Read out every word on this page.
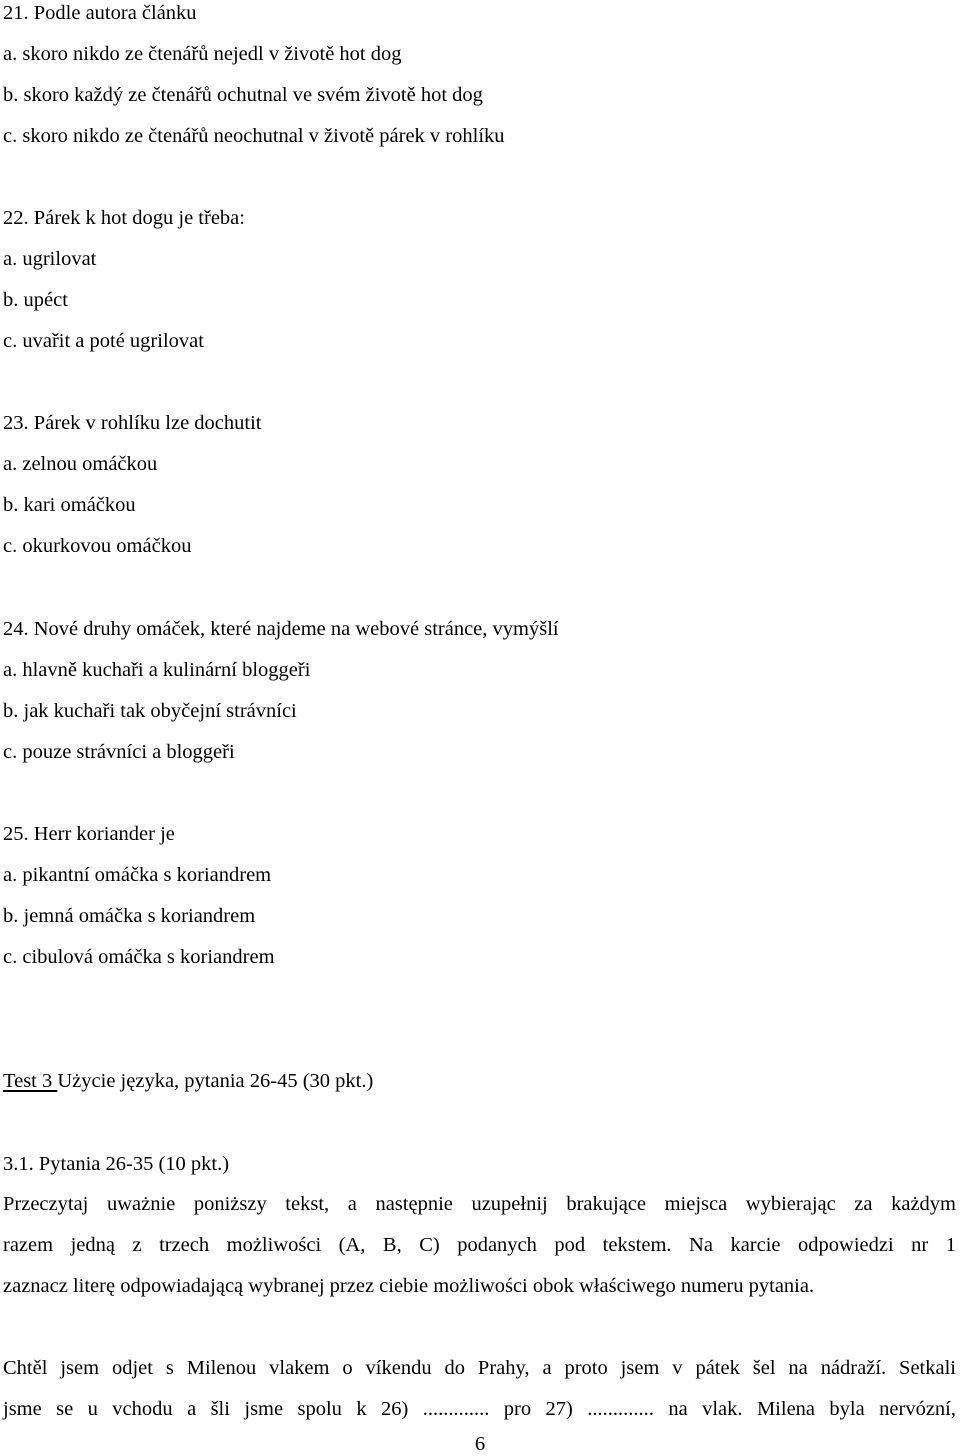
21. Podle autora článku

a. skoro nikdo ze čtenářů nejedl v životě hot dog

b. skoro každý ze čtenářů ochutnal ve svém životě hot dog

c. skoro nikdo ze čtenářů neochutnal v životě párek v rohlíku

22. Párek k hot dogu je třeba:

a. ugrilovat

b. upéct

c. uvařit a poté ugrilovat

23. Párek v rohlíku lze dochutit

a. zelnou omáčkou

b. kari omáčkou

c. okurkovou omáčkou

24. Nové druhy omáček, které najdeme na webové stránce, vymýšlí

a. hlavně kuchaři a kulinární bloggeři

b. jak kuchaři tak obyčejní strávníci

c. pouze strávníci a bloggeři

25. Herr koriander je

a. pikantní omáčka s koriandrem

b. jemná omáčka s koriandrem

c. cibulová omáčka s koriandrem

Test 3 Użycie języka, pytania 26-45 (30 pkt.)

3.1. Pytania 26-35 (10 pkt.)

Przeczytaj uważnie poniższy tekst, a następnie uzupełnij brakujące miejsca wybierając za każdym

razem jedną z trzech możliwości (A, B, C) podanych pod tekstem. Na karcie odpowiedzi nr 1

zaznacz literę odpowiadającą wybranej przez ciebie możliwości obok właściwego numeru pytania.

Chtěl jsem odjet s Milenou vlakem o víkendu do Prahy, a proto jsem v pátek šel na nádraží. Setkali

jsme se u vchodu a šli jsme spolu k 26) ............. pro 27) ............. na vlak. Milena byla nervózní,

6
